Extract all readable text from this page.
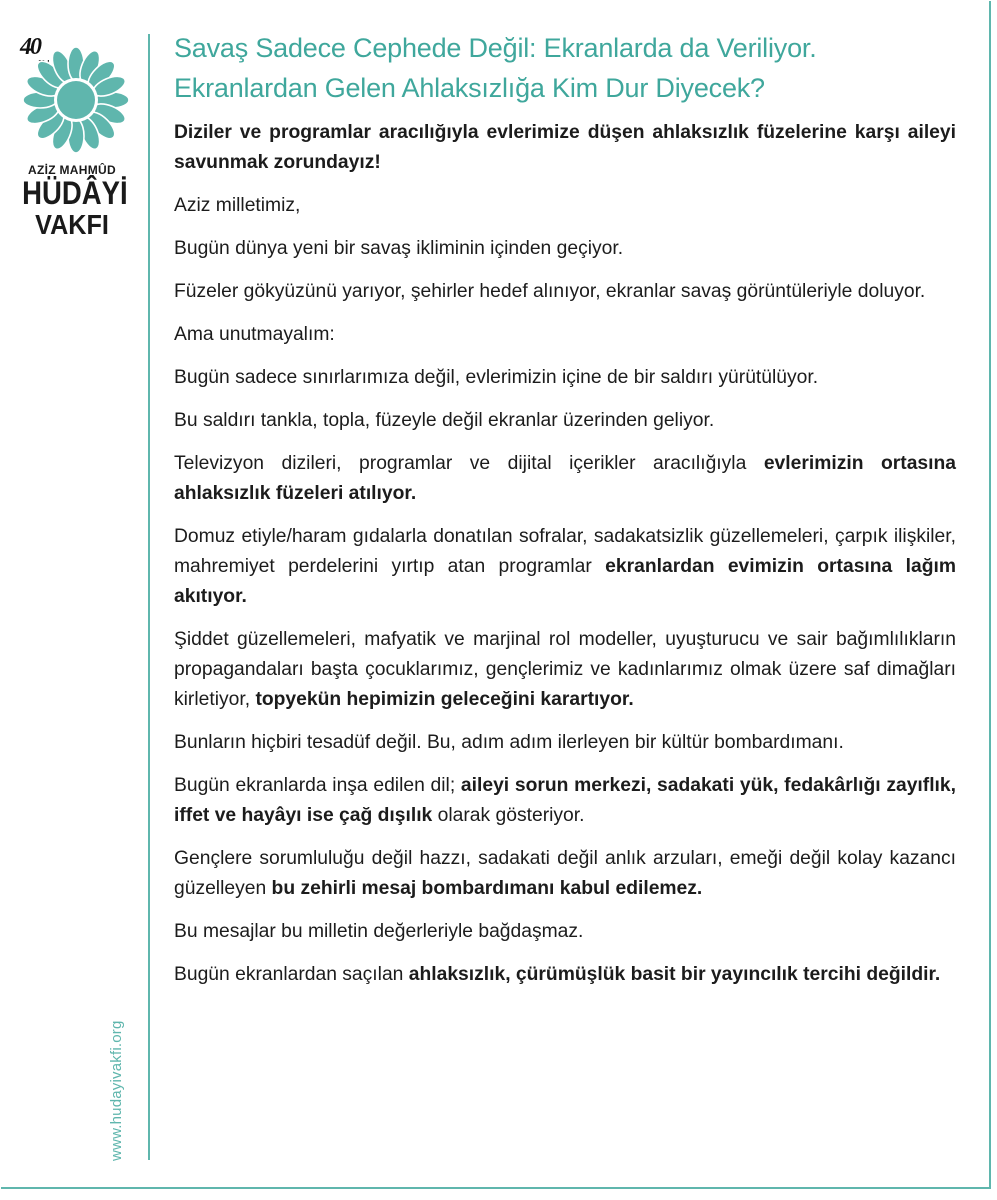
40
AZİZ MAHMÛD
HÜDÂYİ
VAKFI
www.hudayivakfi.org
Savaş Sadece Cephede Değil: Ekranlarda da Veriliyor.
Ekranlardan Gelen Ahlaksızlığa Kim Dur Diyecek?

Diziler ve programlar aracılığıyla evlerimize düşen ahlaksızlık füzelerine karşı aileyi savunmak zorundayız!

Aziz milletimiz,

Bugün dünya yeni bir savaş ikliminin içinden geçiyor.

Füzeler gökyüzünü yarıyor, şehirler hedef alınıyor, ekranlar savaş görüntüleriyle doluyor.

Ama unutmayalım:

Bugün sadece sınırlarımıza değil, evlerimizin içine de bir saldırı yürütülüyor.

Bu saldırı tankla, topla, füzeyle değil ekranlar üzerinden geliyor.

Televizyon dizileri, programlar ve dijital içerikler aracılığıyla evlerimizin ortasına ahlaksızlık füzeleri atılıyor.

Domuz etiyle/haram gıdalarla donatılan sofralar, sadakatsizlik güzellemeleri, çarpık ilişkiler, mahremiyet perdelerini yırtıp atan programlar ekranlardan evimizin ortasına lağım akıtıyor.

Şiddet güzellemeleri, mafyatik ve marjinal rol modeller, uyuşturucu ve sair bağımlılıkların propagandaları başta çocuklarımız, gençlerimiz ve kadınlarımız olmak üzere saf dimağları kirletiyor, topyekün hepimizin geleceğini karartıyor.

Bunların hiçbiri tesadüf değil. Bu, adım adım ilerleyen bir kültür bombardımanı.

Bugün ekranlarda inşa edilen dil; aileyi sorun merkezi, sadakati yük, fedakârlığı zayıflık, iffet ve hayâyı ise çağ dışılık olarak gösteriyor.

Gençlere sorumluluğu değil hazzı, sadakati değil anlık arzuları, emeği değil kolay kazancı güzelleyen bu zehirli mesaj bombardımanı kabul edilemez.

Bu mesajlar bu milletin değerleriyle bağdaşmaz.

Bugün ekranlardan saçılan ahlaksızlık, çürümüşlük basit bir yayıncılık tercihi değildir.
